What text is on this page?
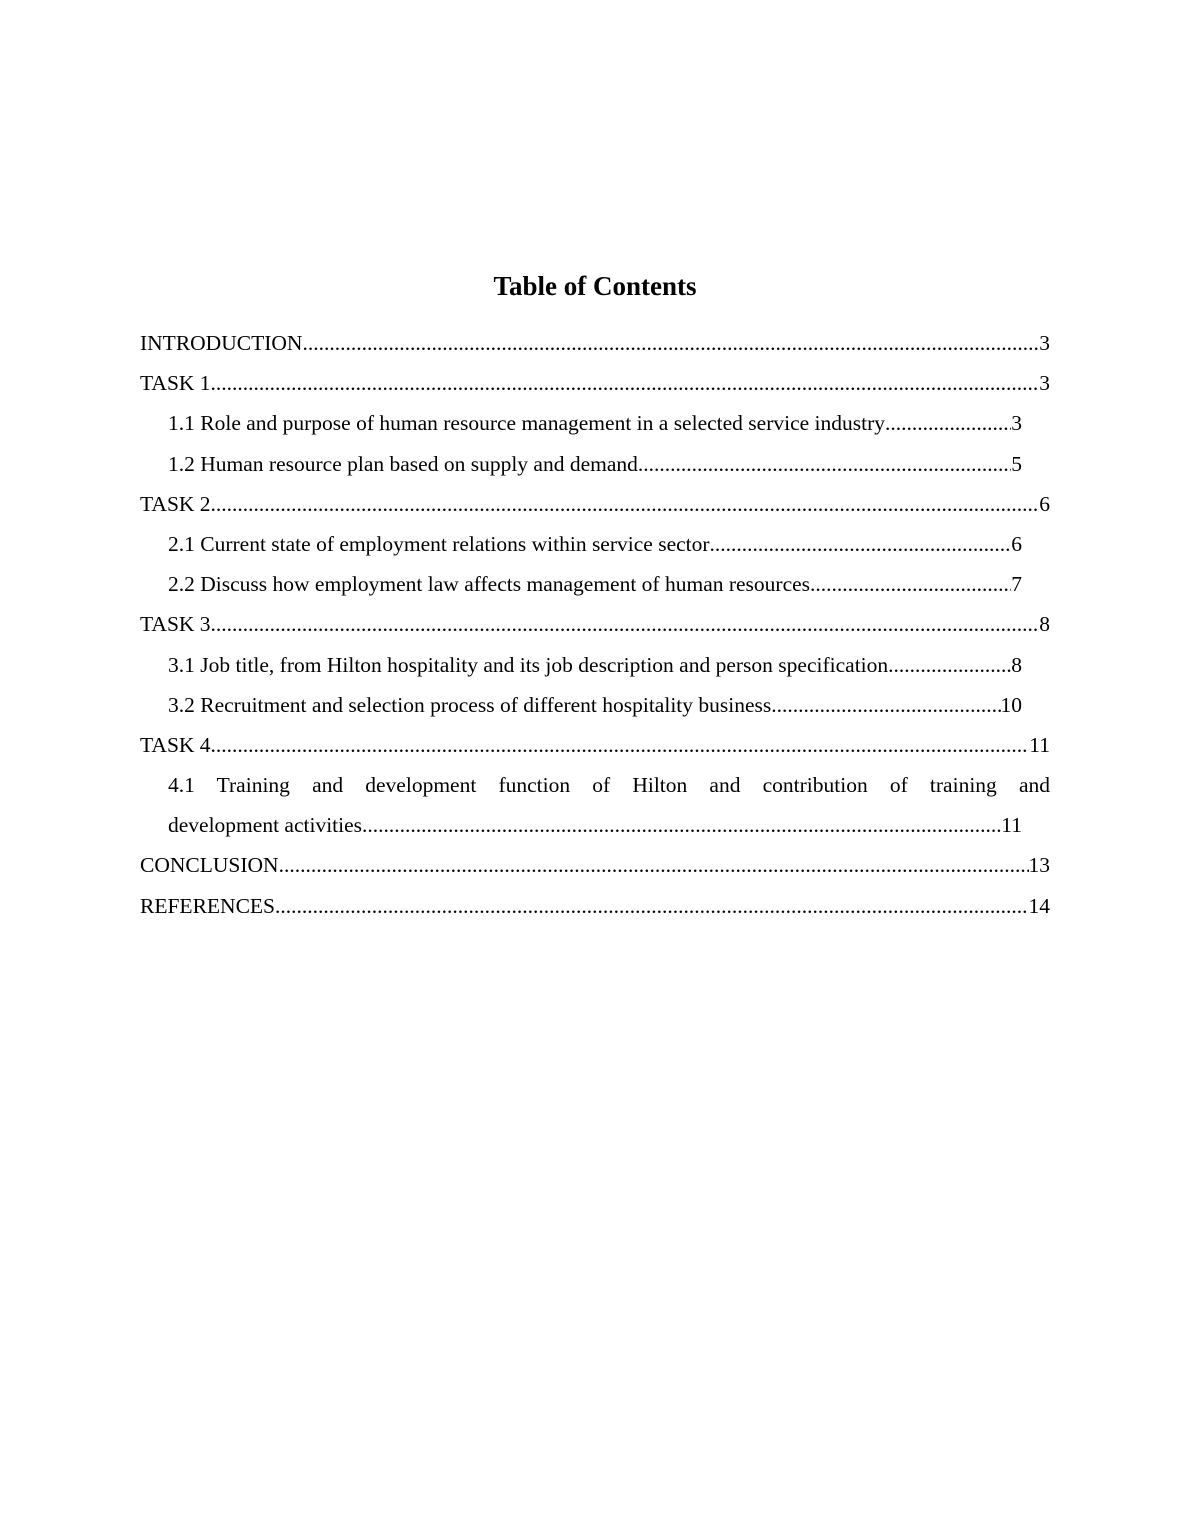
Table of Contents
INTRODUCTION .....	3
TASK 1 .....	3
1.1 Role and purpose of human resource management in a selected service industry .....	3
1.2 Human resource plan based on supply and demand .....	5
TASK 2 .....	6
2.1 Current state of employment relations within service sector .....	6
2.2 Discuss how employment law affects management of human resources .....	7
TASK 3 .....	8
3.1 Job title, from Hilton hospitality and its job description and person specification .....	8
3.2 Recruitment and selection process of different hospitality business .....	10
TASK 4 .....	11
4.1 Training and development function of Hilton and contribution of training and
development activities .....	11
CONCLUSION .....	13
REFERENCES .....	14
